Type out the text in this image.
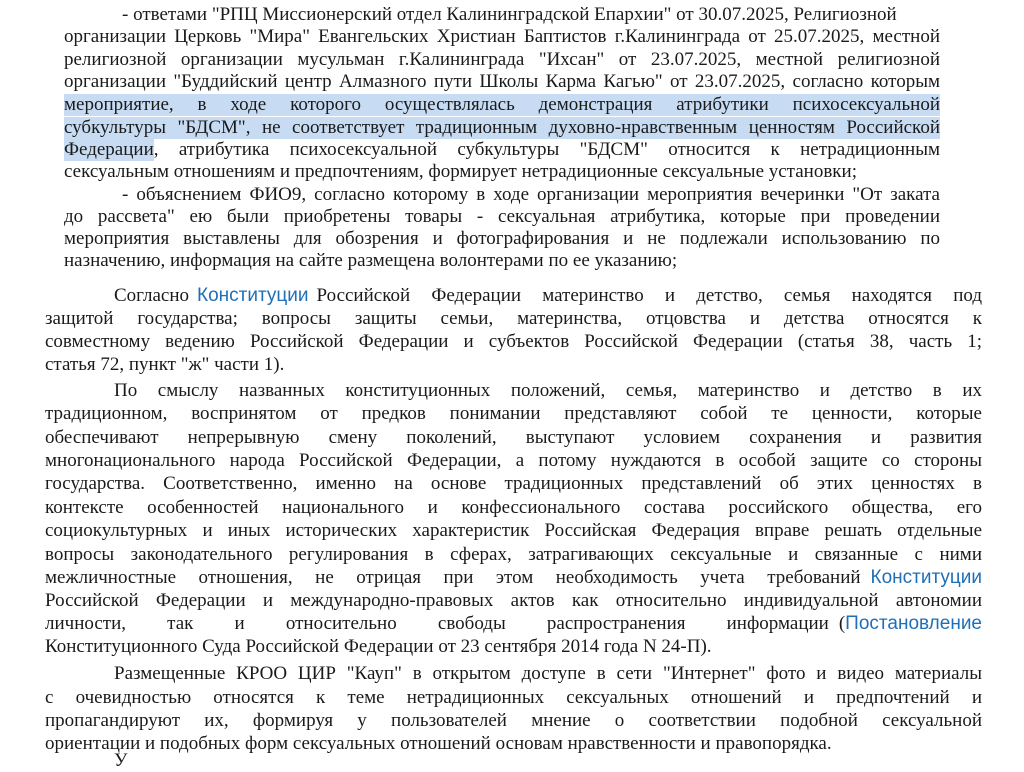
- ответами "РПЦ Миссионерский отдел Калининградской Епархии" от 30.07.2025, Религиозной
организации Церковь "Мира" Евангельских Христиан Баптистов г.Калининграда от 25.07.2025, местной
религиозной организации мусульман г.Калининграда "Ихсан" от 23.07.2025, местной религиозной
организации "Буддийский центр Алмазного пути Школы Карма Кагью" от 23.07.2025, согласно которым
мероприятие, в ходе которого осуществлялась демонстрация атрибутики психосексуальной
субкультуры "БДСМ", не соответствует традиционным духовно-нравственным ценностям Российской
Федерации , атрибутика психосексуальной субкультуры "БДСМ" относится к нетрадиционным
сексуальным отношениям и предпочтениям, формирует нетрадиционные сексуальные установки;
- объяснением ФИО9, согласно которому в ходе организации мероприятия вечеринки "От заката
до рассвета" ею были приобретены товары - сексуальная атрибутика, которые при проведении
мероприятия выставлены для обозрения и фотографирования и не подлежали использованию по
назначению, информация на сайте размещена волонтерами по ее указанию;
Согласно Конституции Российской Федерации материнство и детство, семья находятся под
защитой государства; вопросы защиты семьи, материнства, отцовства и детства относятся к
совместному ведению Российской Федерации и субъектов Российской Федерации (статья 38, часть 1;
статья 72, пункт "ж" части 1).
По смыслу названных конституционных положений, семья, материнство и детство в их
традиционном, воспринятом от предков понимании представляют собой те ценности, которые
обеспечивают непрерывную смену поколений, выступают условием сохранения и развития
многонационального народа Российской Федерации, а потому нуждаются в особой защите со стороны
государства. Соответственно, именно на основе традиционных представлений об этих ценностях в
контексте особенностей национального и конфессионального состава российского общества, его
социокультурных и иных исторических характеристик Российская Федерация вправе решать отдельные
вопросы законодательного регулирования в сферах, затрагивающих сексуальные и связанные с ними
межличностные отношения, не отрицая при этом необходимость учета требований Конституции
Российской Федерации и международно-правовых актов как относительно индивидуальной автономии
личности, так и относительно свободы распространения информации ( Постановление
Конституционного Суда Российской Федерации от 23 сентября 2014 года N 24-П).
Размещенные КРОО ЦИР "Кауп" в открытом доступе в сети "Интернет" фото и видео материалы
с очевидностью относятся к теме нетрадиционных сексуальных отношений и предпочтений и
пропагандируют их, формируя у пользователей мнение о соответствии подобной сексуальной
ориентации и подобных форм сексуальных отношений основам нравственности и правопорядка.
У
